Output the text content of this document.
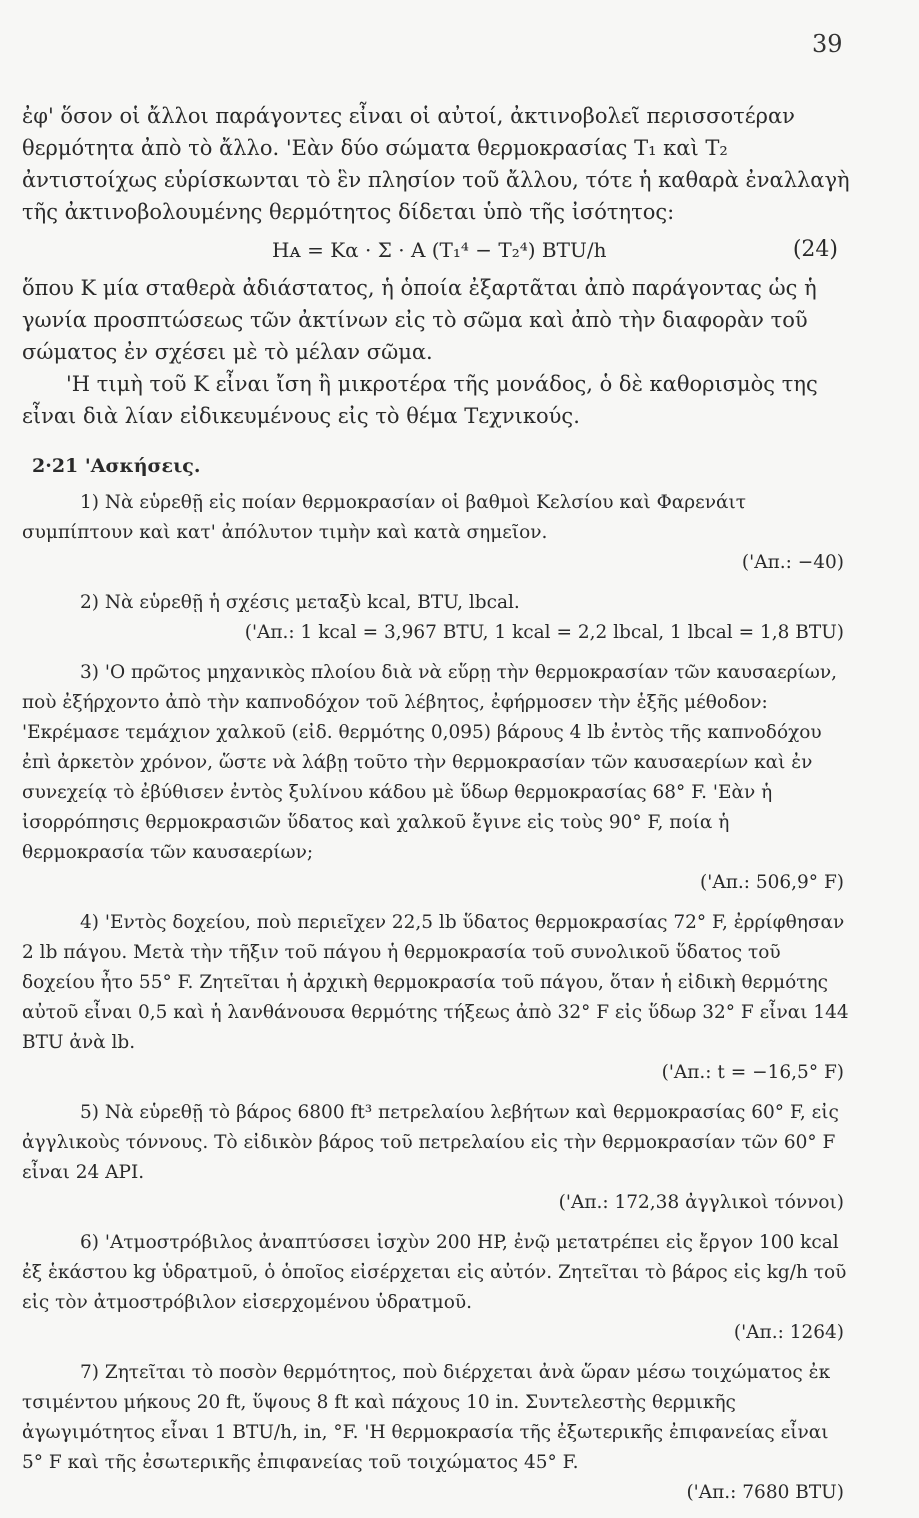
39

ἐφ' ὅσον οἱ ἄλλοι παράγοντες εἶναι οἱ αὐτοί, ἀκτινοβολεῖ περισσοτέραν θερμότητα ἀπὸ τὸ ἄλλο. 'Εὰν δύο σώματα θερμοκρασίας T₁ καὶ T₂ ἀντιστοίχως εὑρίσκωνται τὸ ἓν πλησίον τοῦ ἄλλου, τότε ἡ καθαρὰ ἐναλλαγὴ τῆς ἀκτινοβολουμένης θερμότητος δίδεται ὑπὸ τῆς ἰσότητος:

Hᴀ = Kα · Σ · A (T₁⁴ − T₂⁴) BTU/h	(24)

ὅπου K μία σταθερὰ ἀδιάστατος, ἡ ὁποία ἐξαρτᾶται ἀπὸ παράγοντας ὡς ἡ γωνία προσπτώσεως τῶν ἀκτίνων εἰς τὸ σῶμα καὶ ἀπὸ τὴν διαφορὰν τοῦ σώματος ἐν σχέσει μὲ τὸ μέλαν σῶμα.

'Η τιμὴ τοῦ K εἶναι ἴση ἢ μικροτέρα τῆς μονάδος, ὁ δὲ καθορισμὸς της εἶναι διὰ λίαν εἰδικευμένους εἰς τὸ θέμα Τεχνικούς.

2·21 'Ασκήσεις.

1) Νὰ εὑρεθῇ εἰς ποίαν θερμοκρασίαν οἱ βαθμοὶ Κελσίου καὶ Φαρενάιτ συμπίπτουν καὶ κατ' ἀπόλυτον τιμὴν καὶ κατὰ σημεῖον.

('Απ.: −40)

2) Νὰ εὑρεθῇ ἡ σχέσις μεταξὺ kcal, BTU, lbcal.

('Απ.: 1 kcal = 3,967 BTU, 1 kcal = 2,2 lbcal, 1 lbcal = 1,8 BTU)

3) 'Ο πρῶτος μηχανικὸς πλοίου διὰ νὰ εὕρῃ τὴν θερμοκρασίαν τῶν καυσαερίων, ποὺ ἐξήρχοντο ἀπὸ τὴν καπνοδόχον τοῦ λέβητος, ἐφήρμοσεν τὴν ἑξῆς μέθοδον: 'Εκρέμασε τεμάχιον χαλκοῦ (εἰδ. θερμότης 0,095) βάρους 4 lb ἐντὸς τῆς καπνοδόχου ἐπὶ ἀρκετὸν χρόνον, ὥστε νὰ λάβῃ τοῦτο τὴν θερμοκρασίαν τῶν καυσαερίων καὶ ἐν συνεχείᾳ τὸ ἐβύθισεν ἐντὸς ξυλίνου κάδου μὲ ὕδωρ θερμοκρασίας 68° F. 'Εὰν ἡ ἰσορρόπησις θερμοκρασιῶν ὕδατος καὶ χαλκοῦ ἔγινε εἰς τοὺς 90° F, ποία ἡ θερμοκρασία τῶν καυσαερίων;

('Απ.: 506,9° F)

4) 'Εντὸς δοχείου, ποὺ περιεῖχεν 22,5 lb ὕδατος θερμοκρασίας 72° F, ἐρρίφθησαν 2 lb πάγου. Μετὰ τὴν τῆξιν τοῦ πάγου ἡ θερμοκρασία τοῦ συνολικοῦ ὕδατος τοῦ δοχείου ἦτο 55° F. Ζητεῖται ἡ ἀρχικὴ θερμοκρασία τοῦ πάγου, ὅταν ἡ εἰδικὴ θερμότης αὐτοῦ εἶναι 0,5 καὶ ἡ λανθάνουσα θερμότης τήξεως ἀπὸ 32° F εἰς ὕδωρ 32° F εἶναι 144 BTU ἀνὰ lb.

('Απ.: t = −16,5° F)

5) Νὰ εὑρεθῇ τὸ βάρος 6800 ft³ πετρελαίου λεβήτων καὶ θερμοκρασίας 60° F, εἰς ἀγγλικοὺς τόννους. Τὸ εἰδικὸν βάρος τοῦ πετρελαίου εἰς τὴν θερμοκρασίαν τῶν 60° F εἶναι 24 API.

('Απ.: 172,38 ἀγγλικοὶ τόννοι)

6) 'Ατμοστρόβιλος ἀναπτύσσει ἰσχὺν 200 HP, ἐνῷ μετατρέπει εἰς ἔργον 100 kcal ἐξ ἑκάστου kg ὑδρατμοῦ, ὁ ὁποῖος εἰσέρχεται εἰς αὐτόν. Ζητεῖται τὸ βάρος εἰς kg/h τοῦ εἰς τὸν ἀτμοστρόβιλον εἰσερχομένου ὑδρατμοῦ.

('Απ.: 1264)

7) Ζητεῖται τὸ ποσὸν θερμότητος, ποὺ διέρχεται ἀνὰ ὥραν μέσω τοιχώματος ἐκ τσιμέντου μήκους 20 ft, ὕψους 8 ft καὶ πάχους 10 in. Συντελεστὴς θερμικῆς ἀγωγιμότητος εἶναι 1 BTU/h, in, °F. 'Η θερμοκρασία τῆς ἐξωτερικῆς ἐπιφανείας εἶναι 5° F καὶ τῆς ἐσωτερικῆς ἐπιφανείας τοῦ τοιχώματος 45° F.

('Απ.: 7680 BTU)
